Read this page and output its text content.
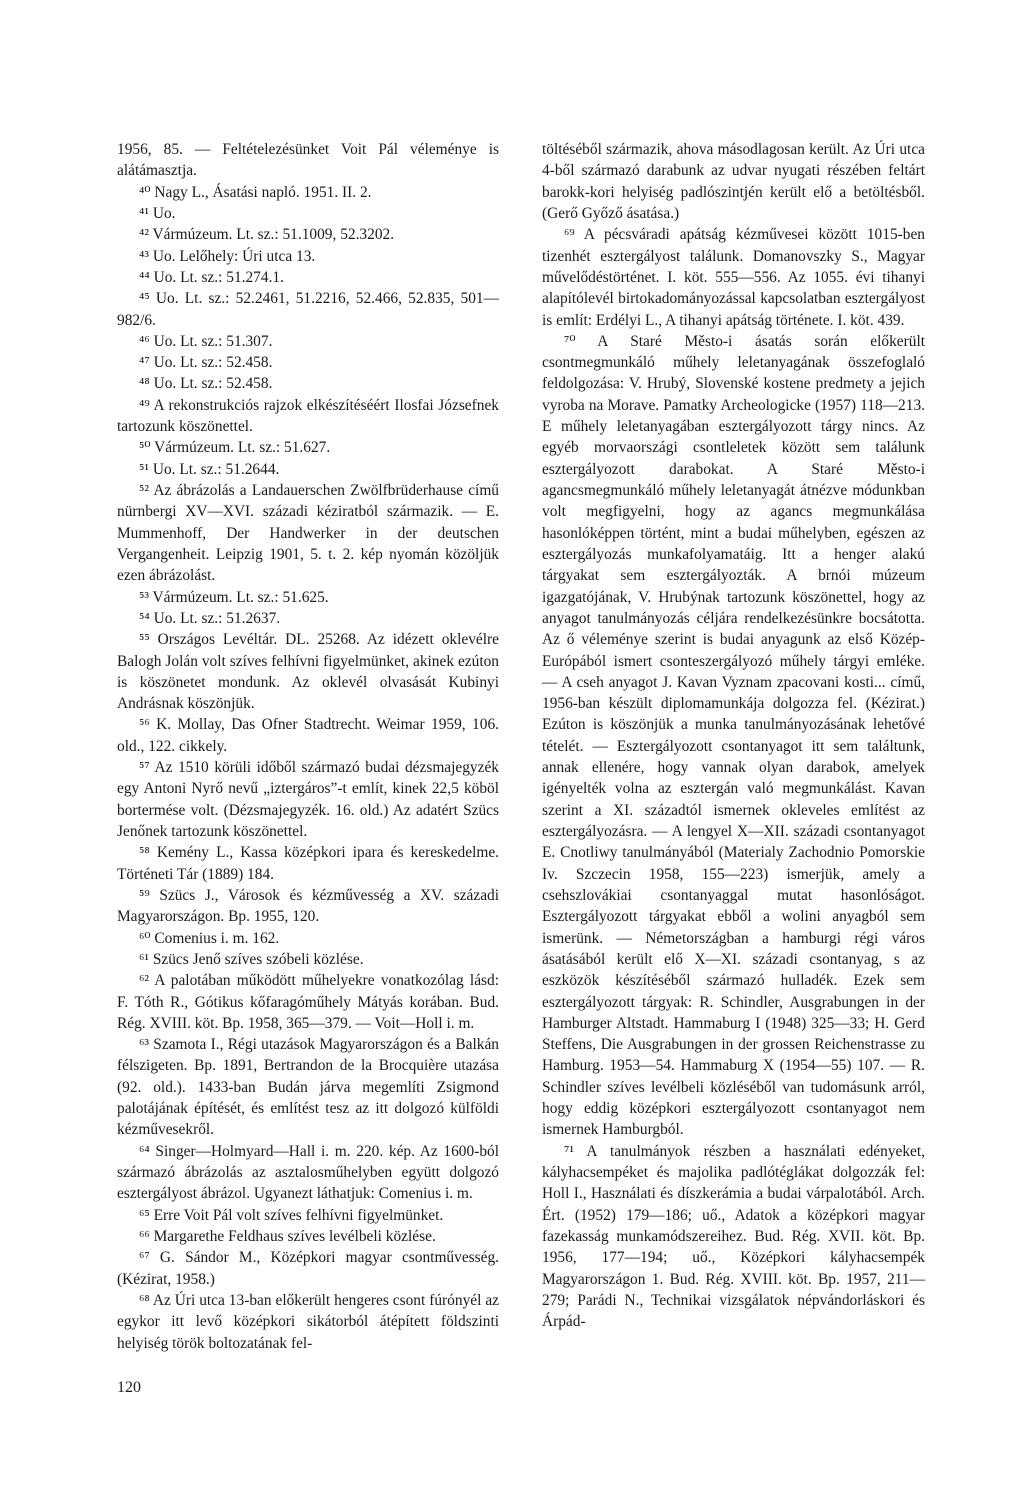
1956, 85. — Feltételezésünket Voit Pál véleménye is alátámasztja.

⁴⁰ Nagy L., Ásatási napló. 1951. II. 2.

⁴¹ Uo.

⁴² Vármúzeum. Lt. sz.: 51.1009, 52.3202.

⁴³ Uo. Lelőhely: Úri utca 13.

⁴⁴ Uo. Lt. sz.: 51.274.1.

⁴⁵ Uo. Lt. sz.: 52.2461, 51.2216, 52.466, 52.835, 501—982/6.

⁴⁶ Uo. Lt. sz.: 51.307.

⁴⁷ Uo. Lt. sz.: 52.458.

⁴⁸ Uo. Lt. sz.: 52.458.

⁴⁹ A rekonstrukciós rajzok elkészítéséért Ilosfai Józsefnek tartozunk köszönettel.

⁵⁰ Vármúzeum. Lt. sz.: 51.627.

⁵¹ Uo. Lt. sz.: 51.2644.

⁵² Az ábrázolás a Landauerschen Zwölfbrüderhause című nürnbergi XV—XVI. századi kéziratból származik. — E. Mummenhoff, Der Handwerker in der deutschen Vergangenheit. Leipzig 1901, 5. t. 2. kép nyomán közöljük ezen ábrázolást.

⁵³ Vármúzeum. Lt. sz.: 51.625.

⁵⁴ Uo. Lt. sz.: 51.2637.

⁵⁵ Országos Levéltár. DL. 25268. Az idézett oklevélre Balogh Jolán volt szíves felhívni figyelmünket, akinek ezúton is köszönetet mondunk. Az oklevél olvasását Kubinyi Andrásnak köszönjük.

⁵⁶ K. Mollay, Das Ofner Stadtrecht. Weimar 1959, 106. old., 122. cikkely.

⁵⁷ Az 1510 körüli időből származó budai dézsmajegyzék egy Antoni Nyrő nevű „iztergáros”-t említ, kinek 22,5 köböl bortermése volt. (Dézsmajegyzék. 16. old.) Az adatért Szücs Jenőnek tartozunk köszönettel.

⁵⁸ Kemény L., Kassa középkori ipara és kereskedelme. Történeti Tár (1889) 184.

⁵⁹ Szücs J., Városok és kézművesség a XV. századi Magyarországon. Bp. 1955, 120.

⁶⁰ Comenius i. m. 162.

⁶¹ Szücs Jenő szíves szóbeli közlése.

⁶² A palotában működött műhelyekre vonatkozólag lásd: F. Tóth R., Gótikus kőfaragóműhely Mátyás korában. Bud. Rég. XVIII. köt. Bp. 1958, 365—379. — Voit—Holl i. m.

⁶³ Szamota I., Régi utazások Magyarországon és a Balkán félszigeten. Bp. 1891, Bertrandon de la Brocquière utazása (92. old.). 1433-ban Budán járva megemlíti Zsigmond palotájának építését, és említést tesz az itt dolgozó külföldi kézművesekről.

⁶⁴ Singer—Holmyard—Hall i. m. 220. kép. Az 1600-ból származó ábrázolás az asztalosműhelyben együtt dolgozó esztergályost ábrázol. Ugyanezt láthatjuk: Comenius i. m.

⁶⁵ Erre Voit Pál volt szíves felhívni figyelmünket.

⁶⁶ Margarethe Feldhaus szíves levélbeli közlése.

⁶⁷ G. Sándor M., Középkori magyar csontművesség. (Kézirat, 1958.)

⁶⁸ Az Úri utca 13-ban előkerült hengeres csont fúrónyél az egykor itt levő középkori sikátorból átépített földszinti helyiség török boltozatának fel-

töltéséből származik, ahova másodlagosan került. Az Úri utca 4-ből származó darabunk az udvar nyugati részében feltárt barokk-kori helyiség padlószintjén került elő a betöltésből. (Gerő Győző ásatása.)

⁶⁹ A pécsváradi apátság kézművesei között 1015-ben tizenhét esztergályost találunk. Domanovszky S., Magyar művelődéstörténet. I. köt. 555—556. Az 1055. évi tihanyi alapítólevél birtokadományozással kapcsolatban esztergályost is említ: Erdélyi L., A tihanyi apátság története. I. köt. 439.

⁷⁰ A Staré Město-i ásatás során előkerült csontmegmunkáló műhely leletanyagának összefoglaló feldolgozása: V. Hrubý, Slovenské kostene predmety a jejich vyroba na Morave. Pamatky Archeologicke (1957) 118—213. E műhely leletanyagában esztergályozott tárgy nincs. Az egyéb morvaországi csontleletek között sem találunk esztergályozott darabokat. A Staré Město-i agancsmegmunkáló műhely leletanyagát átnézve módunkban volt megfigyelni, hogy az agancs megmunkálása hasonlóképpen történt, mint a budai műhelyben, egészen az esztergályozás munkafolyamatáig. Itt a henger alakú tárgyakat sem esztergályozták. A brnói múzeum igazgatójának, V. Hrubýnak tartozunk köszönettel, hogy az anyagot tanulmányozás céljára rendelkezésünkre bocsátotta. Az ő véleménye szerint is budai anyagunk az első Közép-Európából ismert csonteszergályozó műhely tárgyi emléke. — A cseh anyagot J. Kavan Vyznam zpacovani kosti... című, 1956-ban készült diplomamunkája dolgozza fel. (Kézirat.) Ezúton is köszönjük a munka tanulmányozásának lehetővé tételét. — Esztergályozott csontanyagot itt sem találtunk, annak ellenére, hogy vannak olyan darabok, amelyek igényelték volna az esztergán való megmunkálást. Kavan szerint a XI. századtól ismernek okleveles említést az esztergályozásra. — A lengyel X—XII. századi csontanyagot E. Cnotliwy tanulmányából (Materialy Zachodnio Pomorskie Iv. Szczecin 1958, 155—223) ismerjük, amely a csehszlovákiai csontanyaggal mutat hasonlóságot. Esztergályozott tárgyakat ebből a wolini anyagból sem ismerünk. — Németországban a hamburgi régi város ásatásából került elő X—XI. századi csontanyag, s az eszközök készítéséből származó hulladék. Ezek sem esztergályozott tárgyak: R. Schindler, Ausgrabungen in der Hamburger Altstadt. Hammaburg I (1948) 325—33; H. Gerd Steffens, Die Ausgrabungen in der grossen Reichenstrasse zu Hamburg. 1953—54. Hammaburg X (1954—55) 107. — R. Schindler szíves levélbeli közléséből van tudomásunk arról, hogy eddig középkori esztergályozott csontanyagot nem ismernek Hamburgból.

⁷¹ A tanulmányok részben a használati edényeket, kályhacsempéket és majolika padlótéglákat dolgozzák fel: Holl I., Használati és díszkerámia a budai várpalotából. Arch. Ért. (1952) 179—186; uő., Adatok a középkori magyar fazekasság munkamódszereihez. Bud. Rég. XVII. köt. Bp. 1956, 177—194; uő., Középkori kályhacsempék Magyarországon 1. Bud. Rég. XVIII. köt. Bp. 1957, 211—279; Parádi N., Technikai vizsgálatok népvándorláskori és Árpád-

120
